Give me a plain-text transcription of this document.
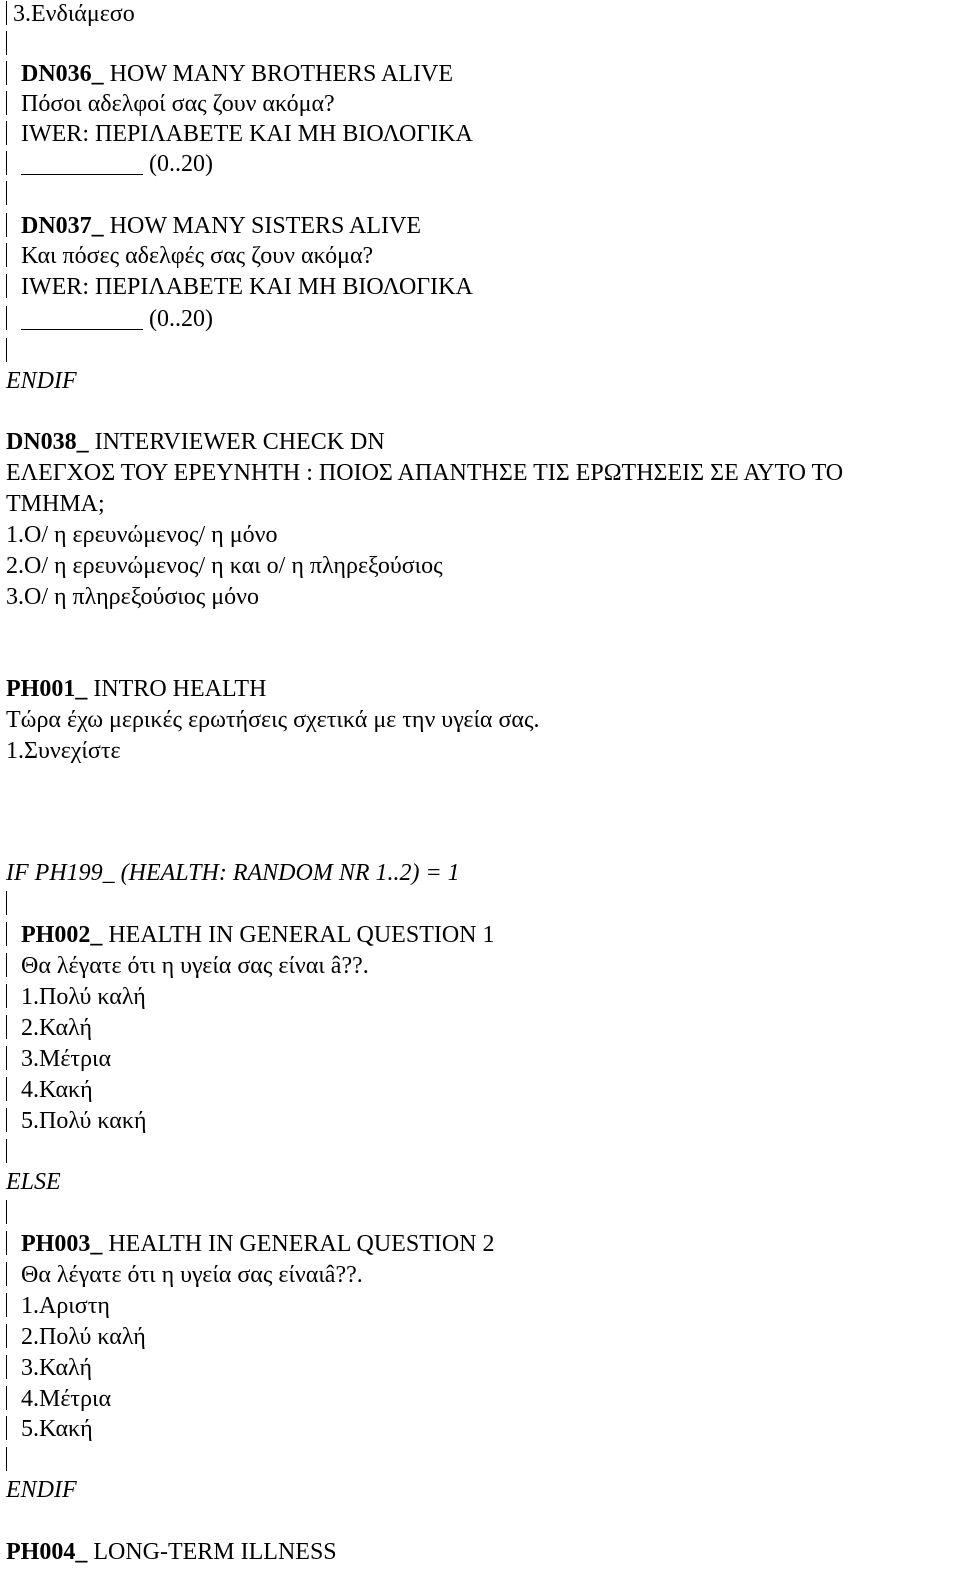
3.Ενδιάμεσο
DN036_ HOW MANY BROTHERS ALIVE
Πόσοι αδελφοί σας ζουν ακόμα?
IWER: ΠΕΡΙΛΑΒΕΤΕ ΚΑΙ ΜΗ ΒΙΟΛΟΓΙΚΑ
(0..20)
DN037_ HOW MANY SISTERS ALIVE
Και πόσες αδελφές σας ζουν ακόμα?
IWER: ΠΕΡΙΛΑΒΕΤΕ ΚΑΙ ΜΗ ΒΙΟΛΟΓΙΚΑ
(0..20)
ENDIF
DN038_ INTERVIEWER CHECK DN
ΕΛΕΓΧΟΣ ΤΟΥ ΕΡΕΥΝΗΤΗ : ΠΟΙΟΣ ΑΠΑΝΤΗΣΕ ΤΙΣ ΕΡΩΤΗΣΕΙΣ ΣΕ ΑΥΤΟ ΤΟ
ΤΜΗΜΑ;
1.Ο/ η ερευνώμενος/ η μόνο
2.Ο/ η ερευνώμενος/ η και ο/ η πληρεξούσιος
3.Ο/ η πληρεξούσιος μόνο
PH001_ INTRO HEALTH
Τώρα έχω μερικές ερωτήσεις σχετικά με την υγεία σας.
1.Συνεχίστε
IF PH199_ (HEALTH: RANDOM NR 1..2) = 1
PH002_ HEALTH IN GENERAL QUESTION 1
Θα λέγατε ότι η υγεία σας είναι â??.
1.Πολύ καλή
2.Καλή
3.Μέτρια
4.Κακή
5.Πολύ κακή
ELSE
PH003_ HEALTH IN GENERAL QUESTION 2
Θα λέγατε ότι η υγεία σας είναιâ??.
1.Αριστη
2.Πολύ καλή
3.Καλή
4.Μέτρια
5.Κακή
ENDIF
PH004_ LONG-TERM ILLNESS
